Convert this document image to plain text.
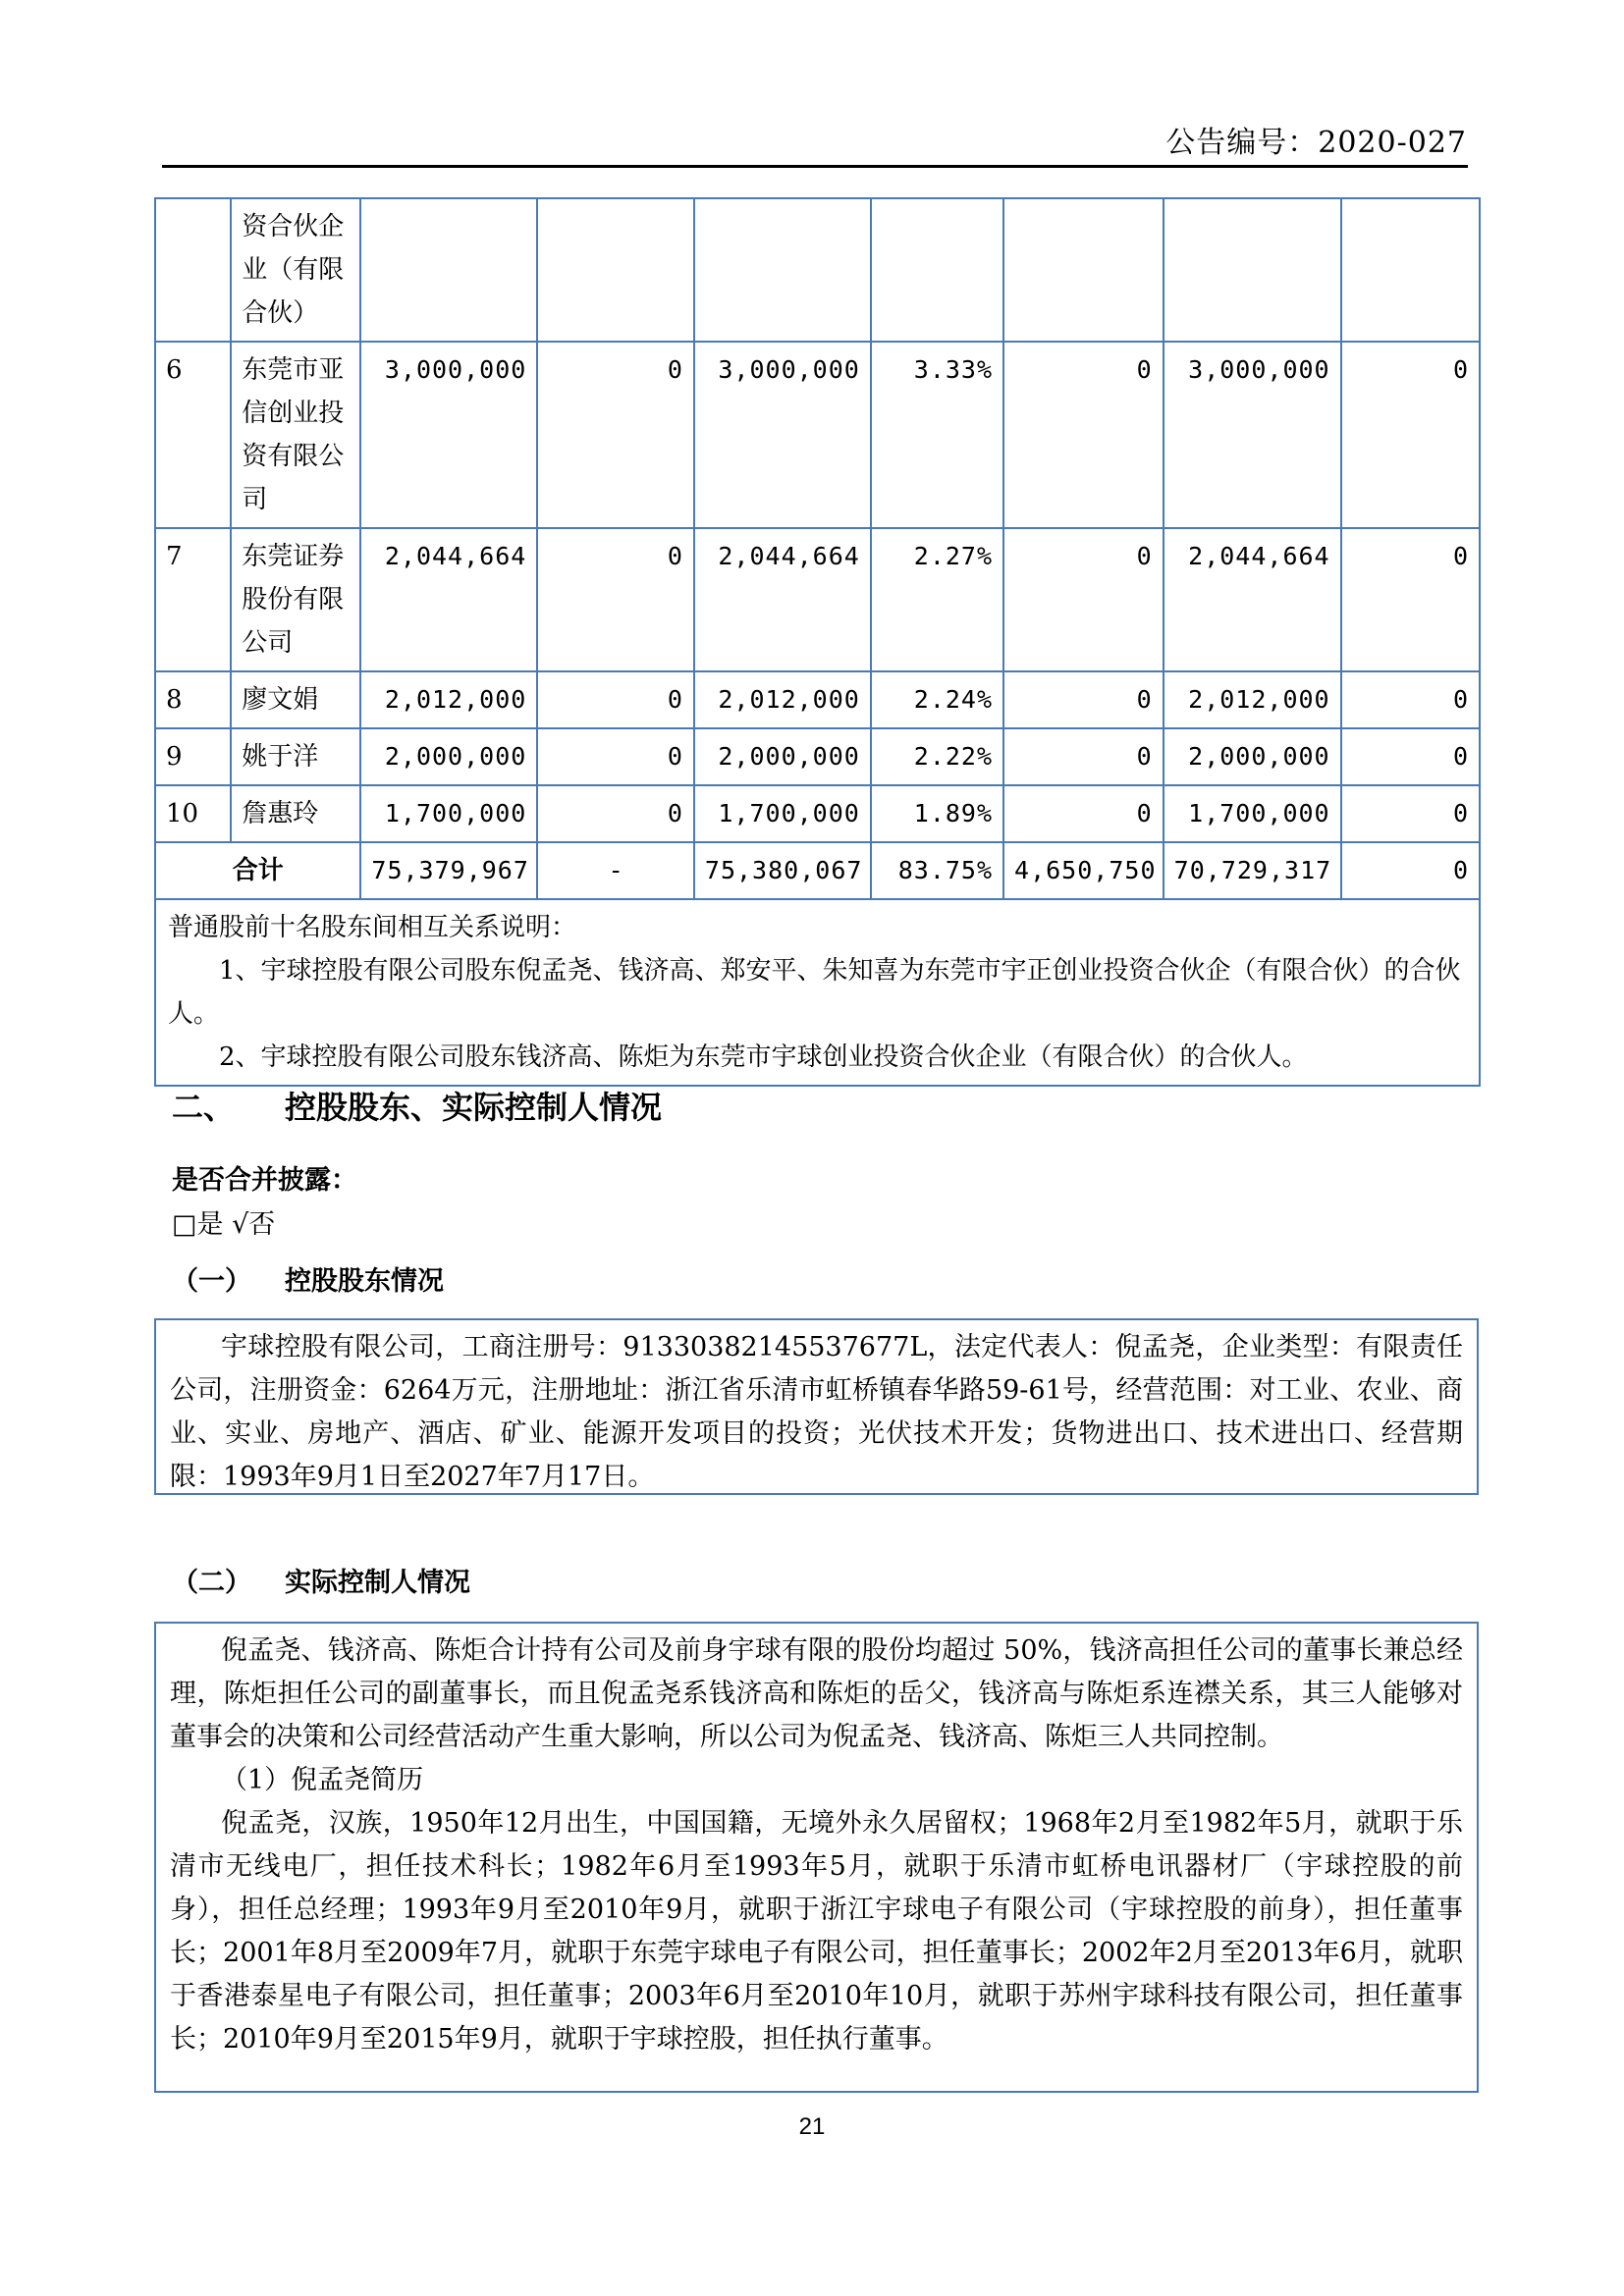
公告编号：2020-027
	资合伙企业（有限合伙）							
6	东莞市亚信创业投资有限公司	3,000,000	0	3,000,000	3.33%	0	3,000,000	0
7	东莞证券股份有限公司	2,044,664	0	2,044,664	2.27%	0	2,044,664	0
8	廖文娟	2,012,000	0	2,012,000	2.24%	0	2,012,000	0
9	姚于洋	2,000,000	0	2,000,000	2.22%	0	2,000,000	0
10	詹惠玲	1,700,000	0	1,700,000	1.89%	0	1,700,000	0
合计		75,379,967	-	75,380,067	83.75%	4,650,750	70,729,317	0

普通股前十名股东间相互关系说明：

1、宇球控股有限公司股东倪孟尧、钱济高、郑安平、朱知喜为东莞市宇正创业投资合伙企（有限合伙）的合伙人。

2、宇球控股有限公司股东钱济高、陈炬为东莞市宇球创业投资合伙企业（有限合伙）的合伙人。								

二、 控股股东、实际控制人情况
是否合并披露：
□是 √否
（一） 控股股东情况

宇球控股有限公司，工商注册号：91330382145537677L，法定代表人：倪孟尧，企业类型：有限责任公司，注册资金：6264万元，注册地址：浙江省乐清市虹桥镇春华路59-61号，经营范围：对工业、农业、商业、实业、房地产、酒店、矿业、能源开发项目的投资；光伏技术开发；货物进出口、技术进出口、经营期限：1993年9月1日至2027年7月17日。

（二） 实际控制人情况

倪孟尧、钱济高、陈炬合计持有公司及前身宇球有限的股份均超过 50%，钱济高担任公司的董事长兼总经理，陈炬担任公司的副董事长，而且倪孟尧系钱济高和陈炬的岳父，钱济高与陈炬系连襟关系，其三人能够对董事会的决策和公司经营活动产生重大影响，所以公司为倪孟尧、钱济高、陈炬三人共同控制。

（1）倪孟尧简历

倪孟尧，汉族，1950年12月出生，中国国籍，无境外永久居留权；1968年2月至1982年5月，就职于乐清市无线电厂，担任技术科长；1982年6月至1993年5月，就职于乐清市虹桥电讯器材厂（宇球控股的前身），担任总经理；1993年9月至2010年9月，就职于浙江宇球电子有限公司（宇球控股的前身），担任董事长；2001年8月至2009年7月，就职于东莞宇球电子有限公司，担任董事长；2002年2月至2013年6月，就职于香港泰星电子有限公司，担任董事；2003年6月至2010年10月，就职于苏州宇球科技有限公司，担任董事长；2010年9月至2015年9月，就职于宇球控股，担任执行董事。

21
